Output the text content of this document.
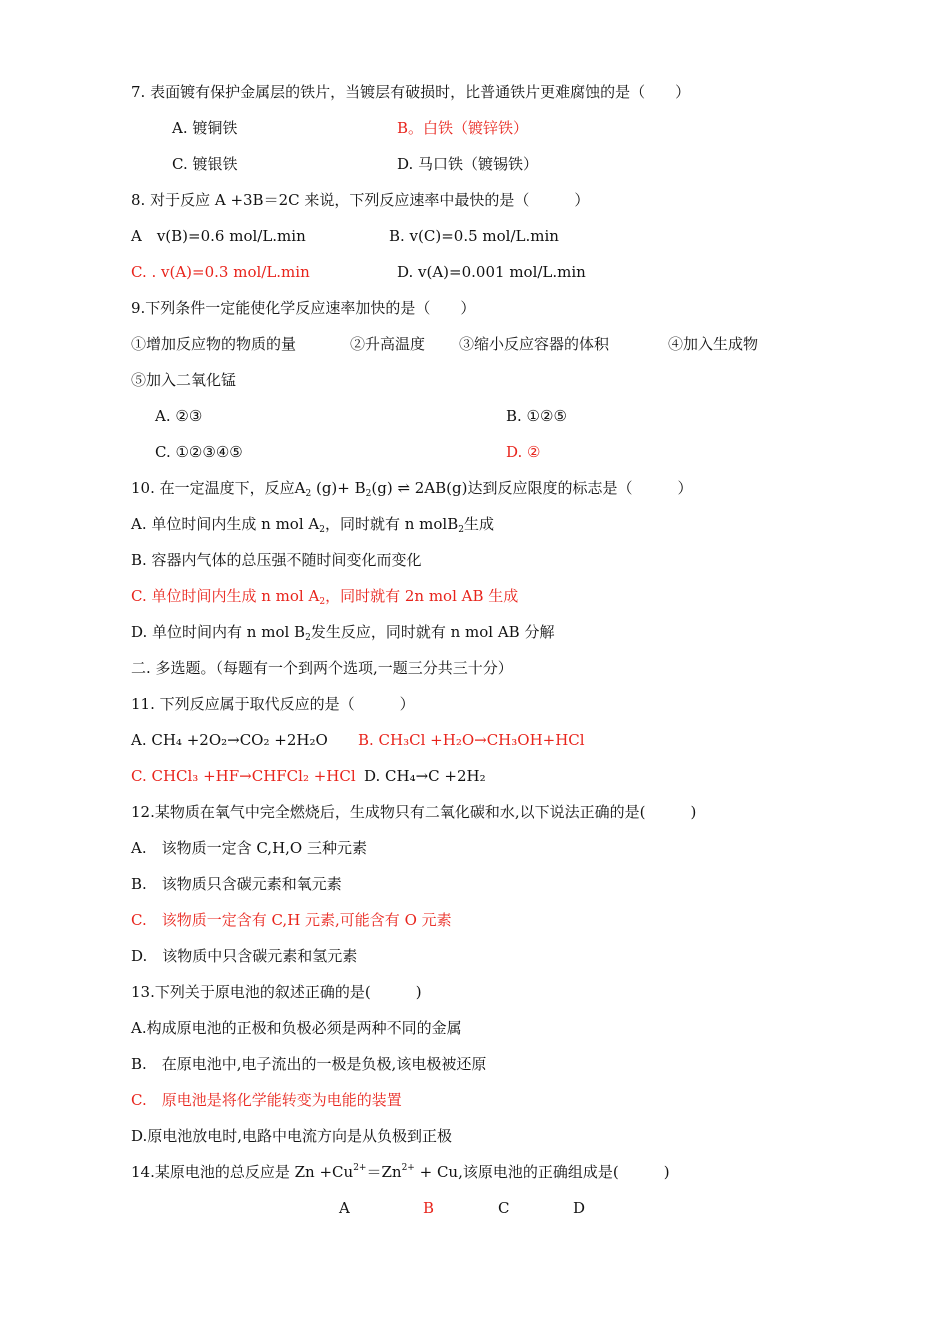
7. 表面镀有保护金属层的铁片，当镀层有破损时，比普通铁片更难腐蚀的是（　　）
A. 镀铜铁	B。白铁（镀锌铁）
C. 镀银铁	D. 马口铁（镀锡铁）
8. 对于反应 A +3B＝2C 来说，下列反应速率中最快的是（　　　）
A　v(B)=0.6 mol/L.min	B. v(C)=0.5 mol/L.min
C. . v(A)=0.3 mol/L.min	D. v(A)=0.001 mol/L.min
9.下列条件一定能使化学反应速率加快的是（　　）
①增加反应物的物质的量	②升高温度 ③缩小反应容器的体积	④加入生成物
⑤加入二氧化锰
A. ②③	B. ①②⑤
C. ①②③④⑤	D. ②
10. 在一定温度下，反应$A_2$ $(g)+ B_2(g)$ ⇌ 2AB(g)达到反应限度的标志是（　　　）
A. 单位时间内生成 n mol $A_2$，同时就有 n molB$_2$生成
B. 容器内气体的总压强不随时间变化而变化
C. 单位时间内生成 n mol $A_2$，同时就有 2n mol AB 生成
D. 单位时间内有 n mol $B_2$发生反应，同时就有 n mol AB 分解
二. 多选题。（每题有一个到两个选项,一题三分共三十分）
11. 下列反应属于取代反应的是（　　　）
A. CH₄ +2O₂→CO₂ +2H₂O B. CH₃Cl +H₂O→CH₃OH+HCl
C. CHCl₃ +HF→CHFCl₂ +HCl D. CH₄→C +2H₂
12.某物质在氧气中完全燃烧后，生成物只有二氧化碳和水,以下说法正确的是(　　　)
A.　该物质一定含 C,H,O 三种元素
B.　该物质只含碳元素和氧元素
C.　该物质一定含有 C,H 元素,可能含有 O 元素
D.　该物质中只含碳元素和氢元素
13.下列关于原电池的叙述正确的是(　　　)
A.构成原电池的正极和负极必须是两种不同的金属
B.　在原电池中,电子流出的一极是负极,该电极被还原
C.　原电池是将化学能转变为电能的装置
D.原电池放电时,电路中电流方向是从负极到正极
14.某原电池的总反应是 $Zn +Cu^{2+}=Zn^{2+} + Cu$,该原电池的正确组成是(　　　)
A	B	C	D
